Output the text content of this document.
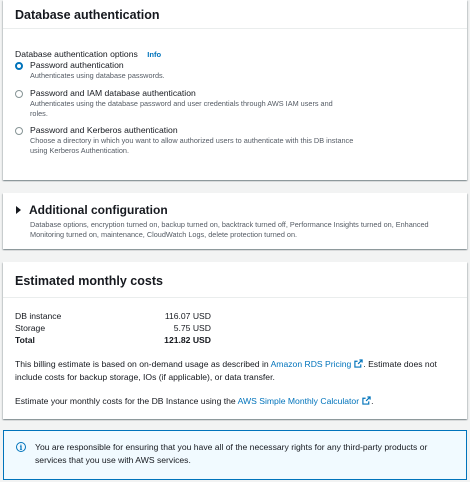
Database authentication
Database authentication options Info
Password authentication
Authenticates using database passwords.
Password and IAM database authentication
Authenticates using the database password and user credentials through AWS IAM users and roles.
Password and Kerberos authentication
Choose a directory in which you want to allow authorized users to authenticate with this DB instance using Kerberos Authentication.
Additional configuration
Database options, encryption turned on, backup turned on, backtrack turned off, Performance Insights turned on, Enhanced Monitoring turned on, maintenance, CloudWatch Logs, delete protection turned on.
Estimated monthly costs
DB instance	116.07 USD
Storage	5.75 USD
Total	121.82 USD
This billing estimate is based on on-demand usage as described in Amazon RDS Pricing . Estimate does not include costs for backup storage, IOs (if applicable), or data transfer.
Estimate your monthly costs for the DB Instance using the AWS Simple Monthly Calculator .
i	You are responsible for ensuring that you have all of the necessary rights for any third-party products or services that you use with AWS services.
